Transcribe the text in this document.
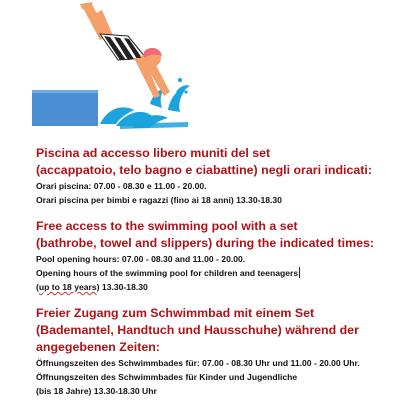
Piscina ad accesso libero muniti del set

(accappatoio, telo bagno e ciabattine) negli orari indicati:

Orari piscina: 07.00 - 08.30 e 11.00 - 20.00.

Orari piscina per bimbi e ragazzi (fino ai 18 anni) 13.30-18.30

Free access to the swimming pool with a set

(bathrobe, towel and slippers) during the indicated times:

Pool opening hours: 07.00 - 08.30 and 11.00 - 20.00.

Opening hours of the swimming pool for children and teenagers

(up to 18 years) 13.30-18.30

Freier Zugang zum Schwimmbad mit einem Set

(Bademantel, Handtuch und Hausschuhe) während der

angegebenen Zeiten:

Öffnungszeiten des Schwimmbades für: 07.00 - 08.30 Uhr und 11.00 - 20.00 Uhr.

Öffnungszeiten des Schwimmbades für Kinder und Jugendliche

(bis 18 Jahre) 13.30-18.30 Uhr
